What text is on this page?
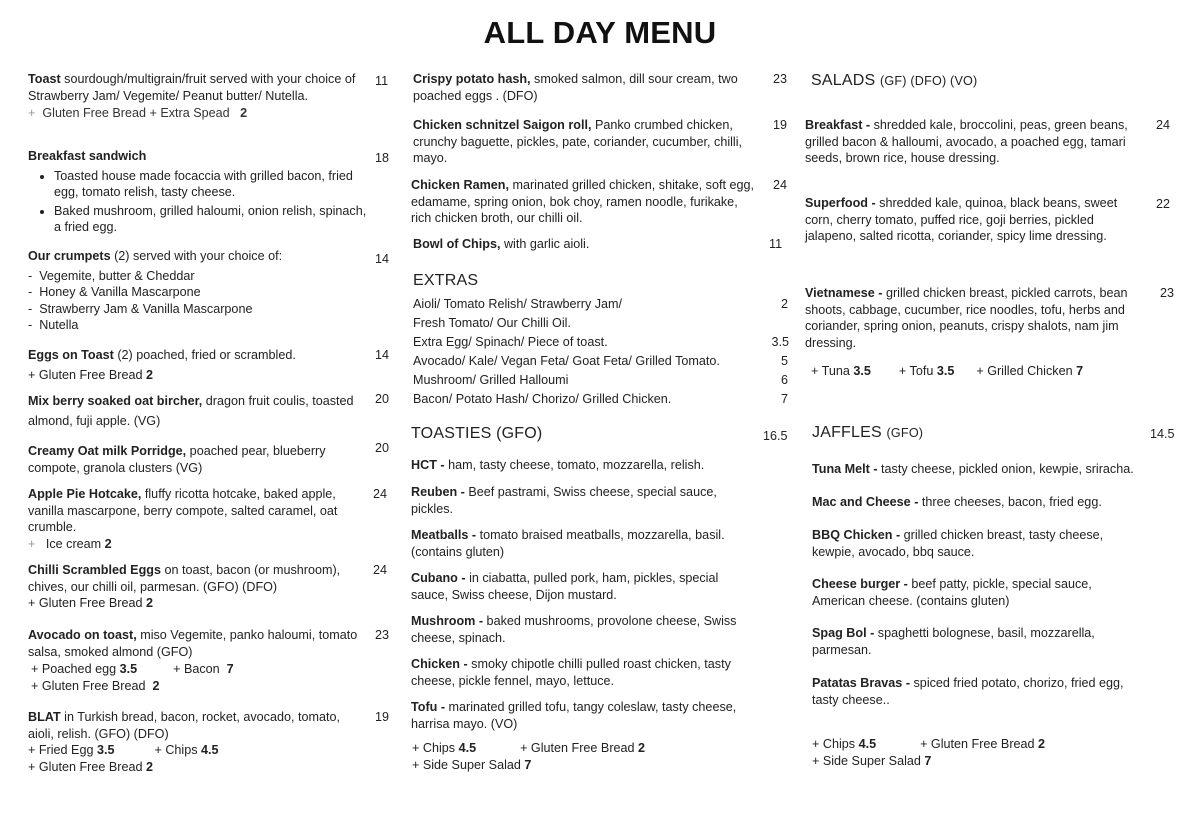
ALL DAY MENU
Toast sourdough/multigrain/fruit served with your choice of Strawberry Jam/ Vegemite/ Peanut butter/ Nutella.
+ Gluten Free Bread + Extra Spead 2
11
Breakfast sandwich
• Toasted house made focaccia with grilled bacon, fried egg, tomato relish, tasty cheese.
• Baked mushroom, grilled haloumi, onion relish, spinach, a fried egg.
18
Our crumpets (2) served with your choice of:
- Vegemite, butter & Cheddar
- Honey & Vanilla Mascarpone
- Strawberry Jam & Vanilla Mascarpone
- Nutella
14
Eggs on Toast (2) poached, fried or scrambled.
+ Gluten Free Bread 2
14
Mix berry soaked oat bircher, dragon fruit coulis, toasted almond, fuji apple. (VG)
20
Creamy Oat milk Porridge, poached pear, blueberry compote, granola clusters (VG)
20
Apple Pie Hotcake, fluffy ricotta hotcake, baked apple, vanilla mascarpone, berry compote, salted caramel, oat crumble.
+ Ice cream 2
24
Chilli Scrambled Eggs on toast, bacon (or mushroom), chives, our chilli oil, parmesan. (GFO) (DFO)
+ Gluten Free Bread 2
24
Avocado on toast, miso Vegemite, panko haloumi, tomato salsa, smoked almond (GFO)
+ Poached egg 3.5	+ Bacon 7
+ Gluten Free Bread 2
23
BLAT in Turkish bread, bacon, rocket, avocado, tomato, aioli, relish. (GFO) (DFO)
+ Fried Egg 3.5	+ Chips 4.5
+ Gluten Free Bread 2
19
Crispy potato hash, smoked salmon, dill sour cream, two poached eggs . (DFO)
23
Chicken schnitzel Saigon roll, Panko crumbed chicken, crunchy baguette, pickles, pate, coriander, cucumber, chilli, mayo.
19
Chicken Ramen, marinated grilled chicken, shitake, soft egg, edamame, spring onion, bok choy, ramen noodle, furikake, rich chicken broth, our chilli oil.
24
Bowl of Chips, with garlic aioli.	11
EXTRAS
Aioli/ Tomato Relish/ Strawberry Jam/	2
Fresh Tomato/ Our Chilli Oil.
Extra Egg/ Spinach/ Piece of toast.	3.5
Avocado/ Kale/ Vegan Feta/ Goat Feta/ Grilled Tomato.	5
Mushroom/ Grilled Halloumi	6
Bacon/ Potato Hash/ Chorizo/ Grilled Chicken.	7
TOASTIES (GFO)	16.5
HCT - ham, tasty cheese, tomato, mozzarella, relish.
Reuben - Beef pastrami, Swiss cheese, special sauce, pickles.
Meatballs - tomato braised meatballs, mozzarella, basil. (contains gluten)
Cubano - in ciabatta, pulled pork, ham, pickles, special sauce, Swiss cheese, Dijon mustard.
Mushroom - baked mushrooms, provolone cheese, Swiss cheese, spinach.
Chicken - smoky chipotle chilli pulled roast chicken, tasty cheese, pickle fennel, mayo, lettuce.
Tofu - marinated grilled tofu, tangy coleslaw, tasty cheese, harrisa mayo. (VO)
+ Chips 4.5	+ Gluten Free Bread 2
+ Side Super Salad 7
SALADS (GF) (DFO) (VO)
Breakfast - shredded kale, broccolini, peas, green beans, grilled bacon & halloumi, avocado, a poached egg, tamari seeds, brown rice, house dressing.
24
Superfood - shredded kale, quinoa, black beans, sweet corn, cherry tomato, puffed rice, goji berries, pickled jalapeno, salted ricotta, coriander, spicy lime dressing.
22
Vietnamese - grilled chicken breast, pickled carrots, bean shoots, cabbage, cucumber, rice noodles, tofu, herbs and coriander, spring onion, peanuts, crispy shalots, nam jim dressing.
23
+ Tuna 3.5 + Tofu 3.5 + Grilled Chicken 7
JAFFLES (GFO)	14.5
Tuna Melt - tasty cheese, pickled onion, kewpie, sriracha.
Mac and Cheese - three cheeses, bacon, fried egg.
BBQ Chicken - grilled chicken breast, tasty cheese, kewpie, avocado, bbq sauce.
Cheese burger - beef patty, pickle, special sauce, American cheese. (contains gluten)
Spag Bol - spaghetti bolognese, basil, mozzarella, parmesan.
Patatas Bravas - spiced fried potato, chorizo, fried egg, tasty cheese..
+ Chips 4.5	+ Gluten Free Bread 2
+ Side Super Salad 7
